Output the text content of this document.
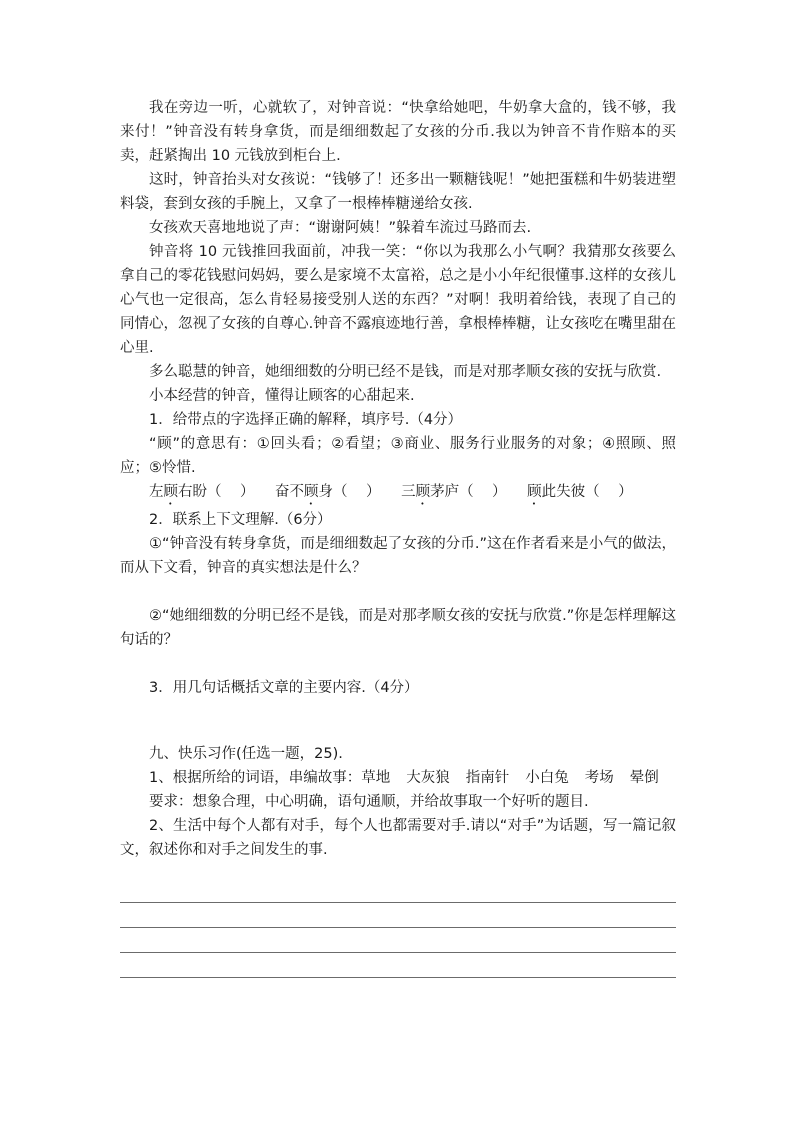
我在旁边一听，心就软了，对钟音说：“快拿给她吧，牛奶拿大盒的，钱不够，我来付！”钟音没有转身拿货，而是细细数起了女孩的分币.我以为钟音不肯作赔本的买卖，赶紧掏出 10 元钱放到柜台上.

这时，钟音抬头对女孩说：“钱够了！还多出一颗糖钱呢！”她把蛋糕和牛奶装进塑料袋，套到女孩的手腕上，又拿了一根棒棒糖递给女孩.

女孩欢天喜地地说了声：“谢谢阿姨！”躲着车流过马路而去.

钟音将 10 元钱推回我面前，冲我一笑：“你以为我那么小气啊？我猜那女孩要么拿自己的零花钱慰问妈妈，要么是家境不太富裕，总之是小小年纪很懂事.这样的女孩儿心气也一定很高，怎么肯轻易接受别人送的东西？”对啊！我明着给钱，表现了自己的同情心，忽视了女孩的自尊心.钟音不露痕迹地行善，拿根棒棒糖，让女孩吃在嘴里甜在心里.

多么聪慧的钟音，她细细数的分明已经不是钱，而是对那孝顺女孩的安抚与欣赏.

小本经营的钟音，懂得让顾客的心甜起来.

1．给带点的字选择正确的解释，填序号.（4分）

“顾”的意思有：①回头看；②看望；③商业、服务行业服务的对象；④照顾、照应；⑤怜惜.

左顾右盼（ ） 奋不顾身（ ） 三顾茅庐（ ） 顾此失彼（ ）

2．联系上下文理解.（6分）

①“钟音没有转身拿货，而是细细数起了女孩的分币.”这在作者看来是小气的做法，而从下文看，钟音的真实想法是什么？

②“她细细数的分明已经不是钱，而是对那孝顺女孩的安抚与欣赏.”你是怎样理解这句话的？

3．用几句话概括文章的主要内容.（4分）

九、快乐习作(任选一题，25).

1、根据所给的词语，串编故事：草地 大灰狼 指南针 小白兔 考场 晕倒

要求：想象合理，中心明确，语句通顺，并给故事取一个好听的题目.

2、生活中每个人都有对手，每个人也都需要对手.请以“对手”为话题，写一篇记叙文，叙述你和对手之间发生的事.
